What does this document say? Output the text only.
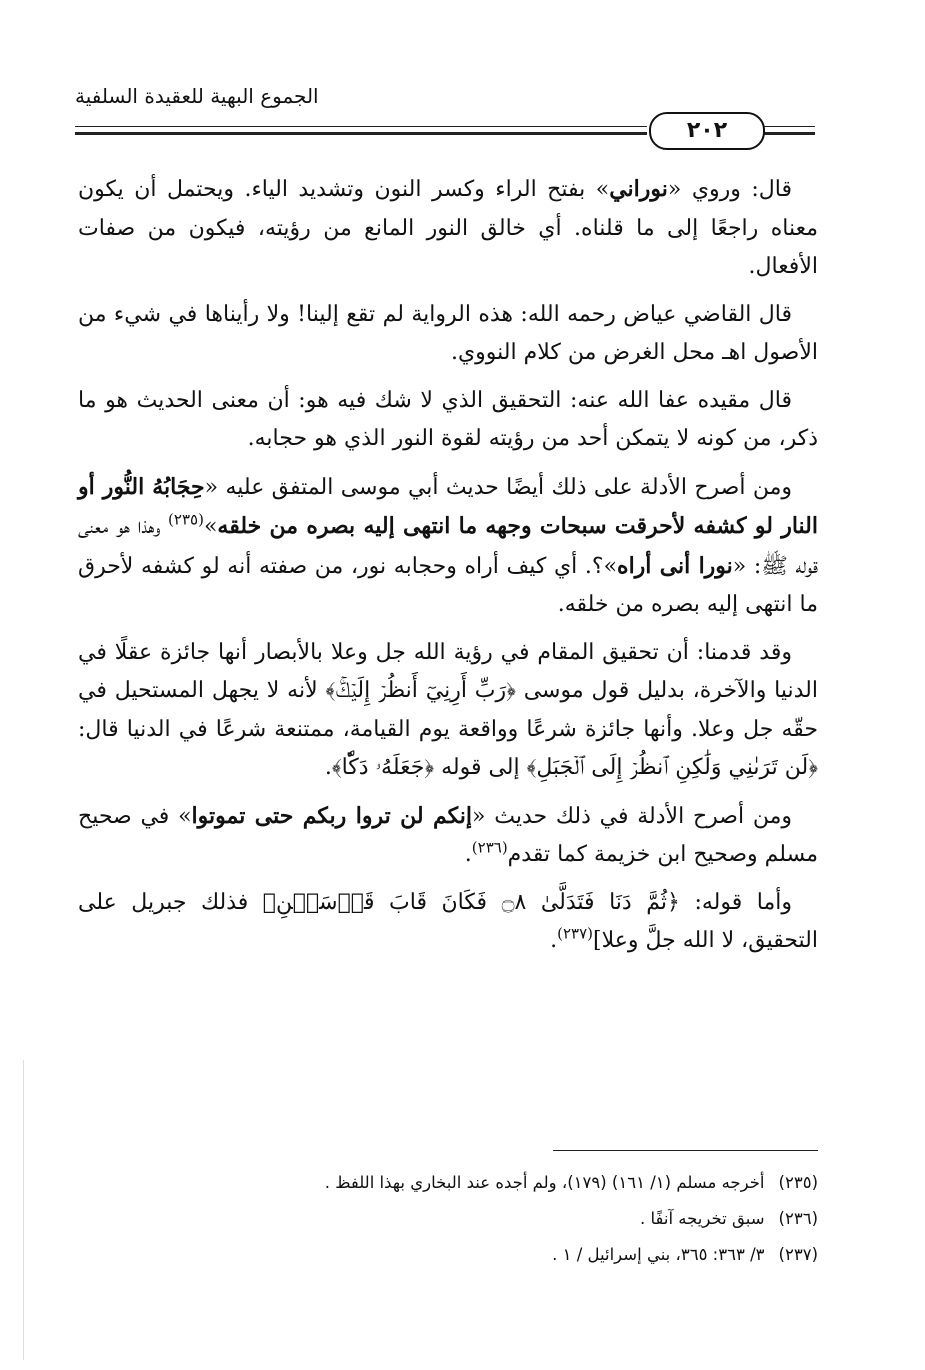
الجموع البهية للعقيدة السلفية
٢٠٢

قال: وروي «نوراني» بفتح الراء وكسر النون وتشديد الياء. ويحتمل أن يكون معناه راجعًا إلى ما قلناه. أي خالق النور المانع من رؤيته، فيكون من صفات الأفعال.

قال القاضي عياض رحمه الله: هذه الرواية لم تقع إلينا! ولا رأيناها في شيء من الأصول اهـ محل الغرض من كلام النووي.

قال مقيده عفا الله عنه: التحقيق الذي لا شك فيه هو: أن معنى الحديث هو ما ذكر، من كونه لا يتمكن أحد من رؤيته لقوة النور الذي هو حجابه.

ومن أصرح الأدلة على ذلك أيضًا حديث أبي موسى المتفق عليه «حِجَابُهُ النُّور أو النار لو كشفه لأحرقت سبحات وجهه ما انتهى إليه بصره من خلقه»$^{(٢٣٥)}$ وهذا هو معنى قوله ﷺ: «نورا أنى أراه»؟. أي كيف أراه وحجابه نور، من صفته أنه لو كشفه لأحرق ما انتهى إليه بصره من خلقه.

وقد قدمنا: أن تحقيق المقام في رؤية الله جل وعلا بالأبصار أنها جائزة عقلًا في الدنيا والآخرة، بدليل قول موسى ﴿رَبِّ أَرِنِيٓ أَنظُرۡ إِلَيۡكَۚ﴾ لأنه لا يجهل المستحيل في حقّه جل وعلا. وأنها جائزة شرعًا وواقعة يوم القيامة، ممتنعة شرعًا في الدنيا قال: ﴿لَن تَرَىٰنِي وَلَٰكِنِ ٱنظُرۡ إِلَى ٱلۡجَبَلِ﴾ إلى قوله ﴿جَعَلَهُۥ دَكّٗا﴾.

ومن أصرح الأدلة في ذلك حديث «إنكم لن تروا ربكم حتى تموتوا» في صحيح مسلم وصحيح ابن خزيمة كما تقدم$^{(٢٣٦)}$.

وأما قوله: ﴿ثُمَّ دَنَا فَتَدَلَّىٰ ۝٨ فَكَانَ قَابَ قَوۡسَيۡنِ﴾ فذلك جبريل على التحقيق، لا الله جلَّ وعلا]$^{(٢٣٧)}$.

(٢٣٥)أخرجه مسلم (١/ ١٦١) (١٧٩)، ولم أجده عند البخاري بهذا اللفظ .
(٢٣٦)سبق تخريجه آنفًا .
(٢٣٧)٣/ ٣٦٣: ٣٦٥، بني إسرائيل / ١ .
